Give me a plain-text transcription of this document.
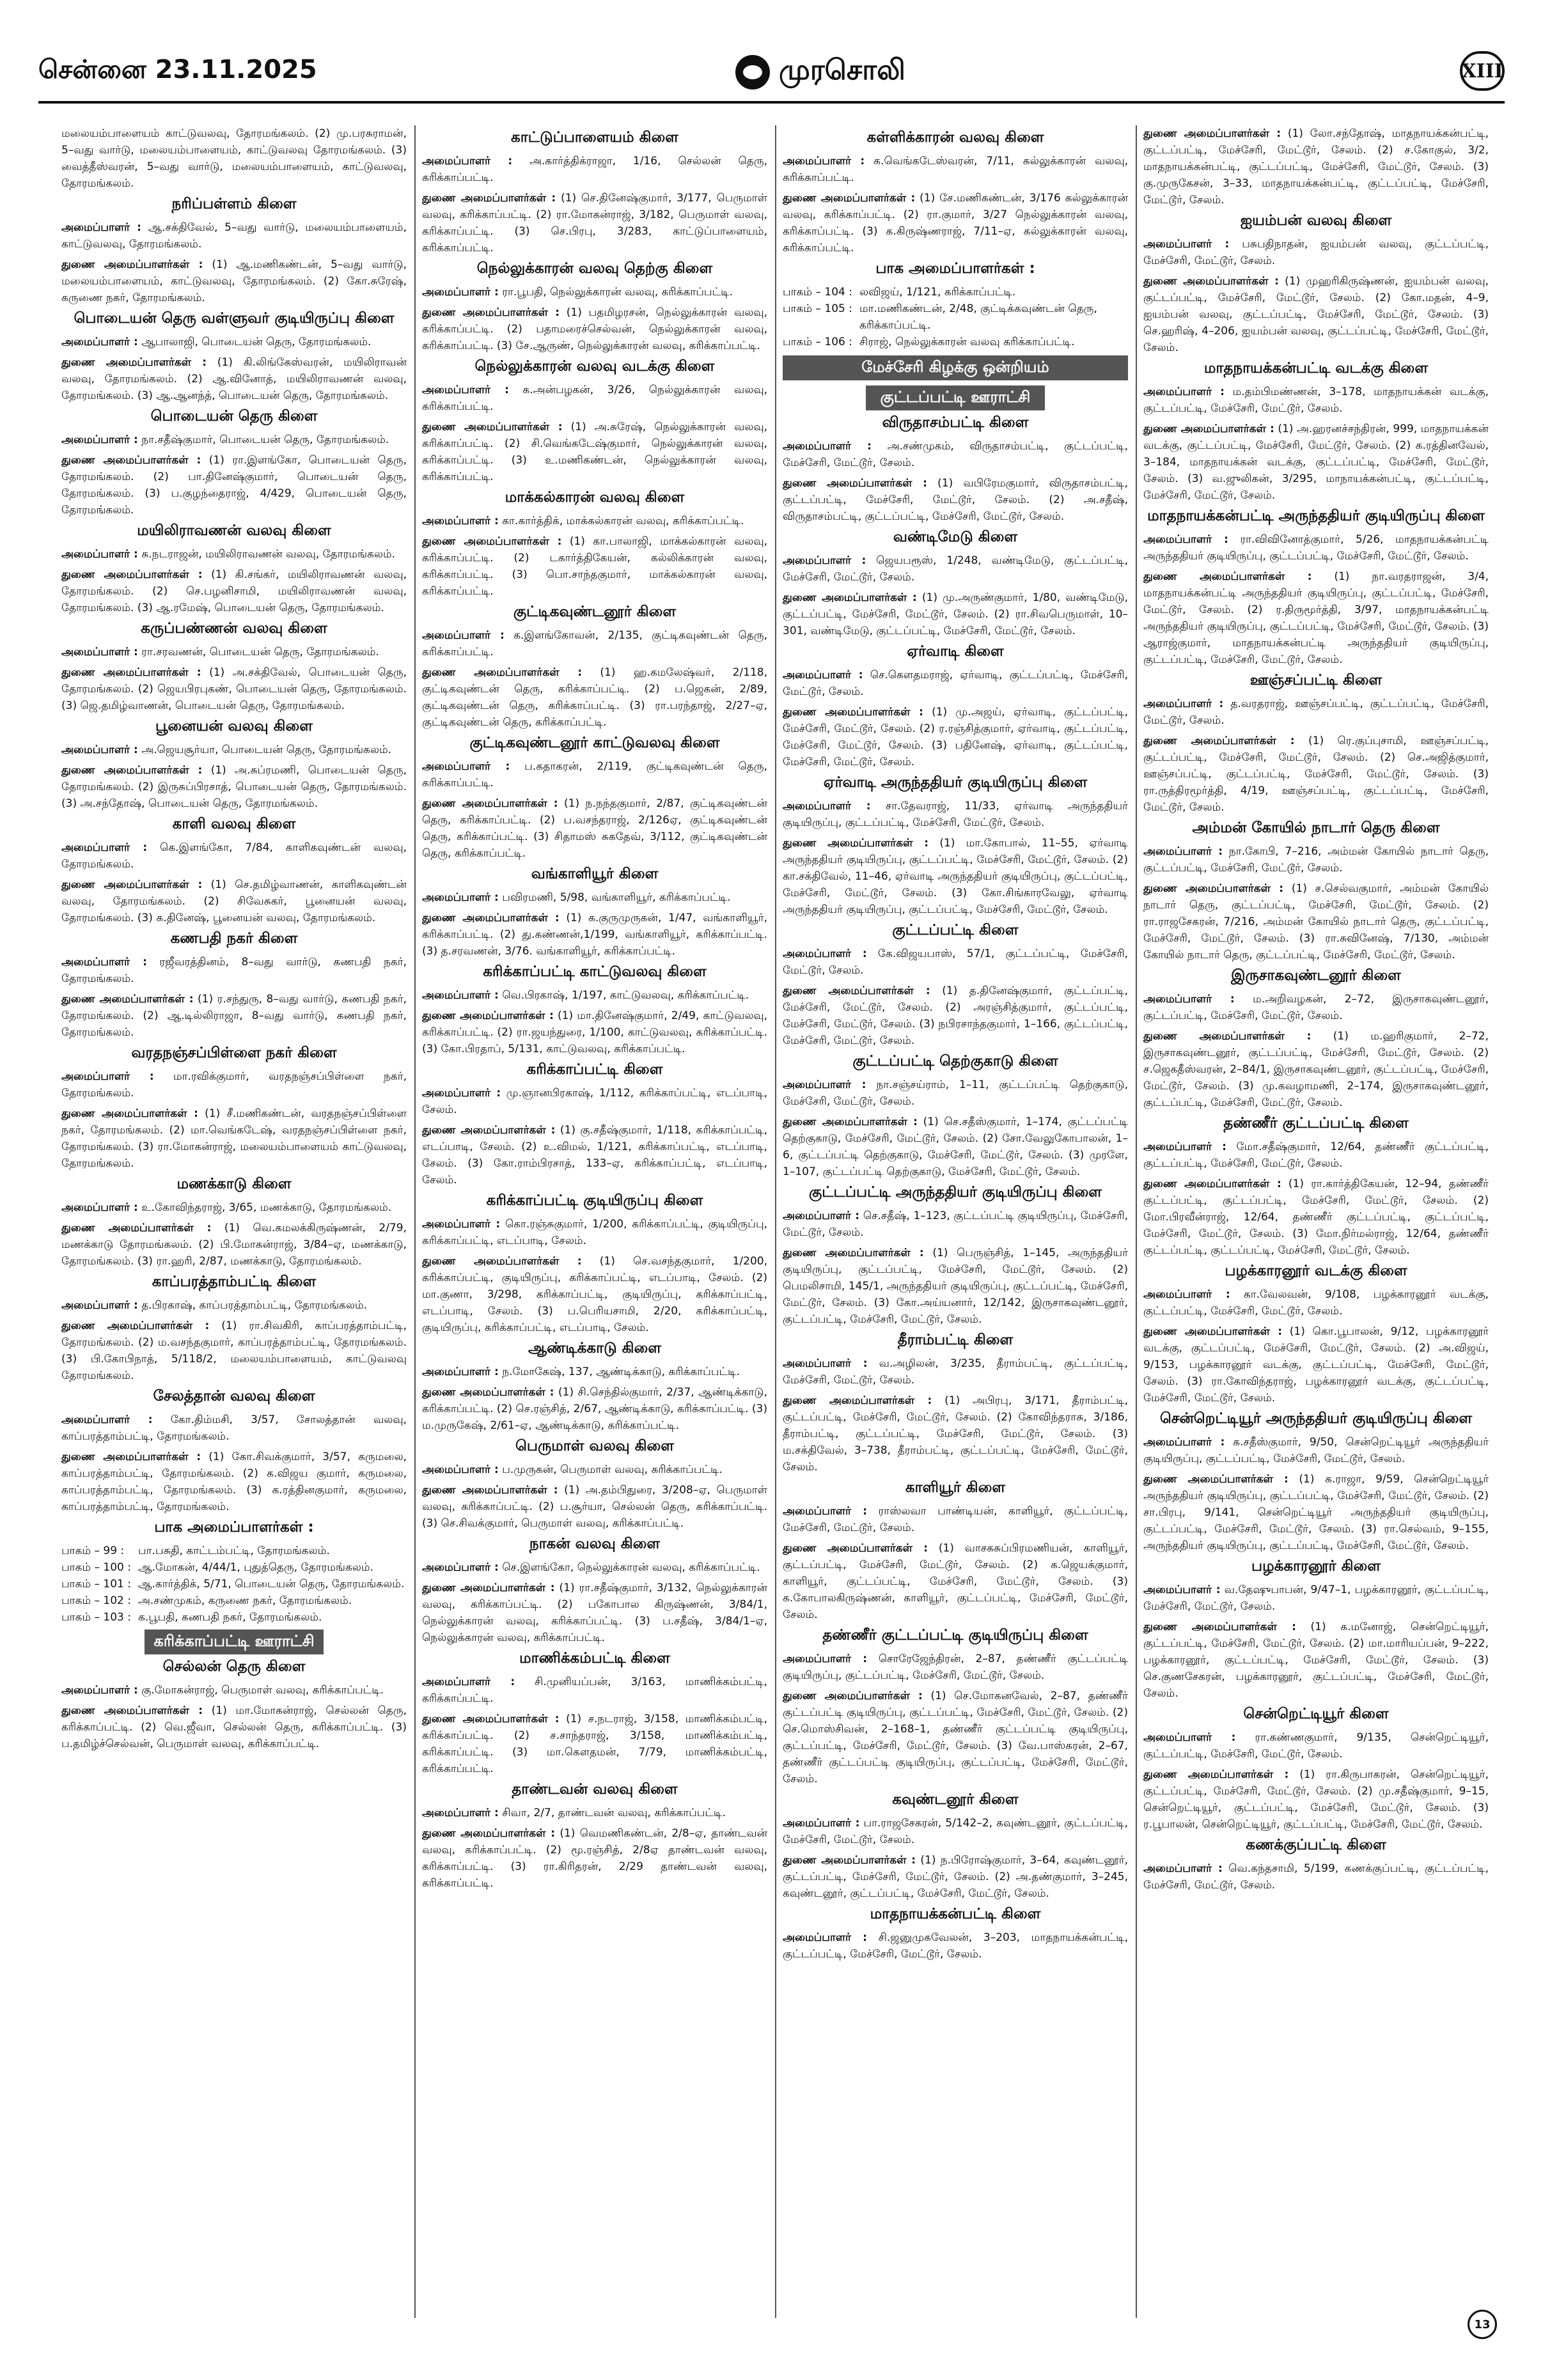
சென்னை 23.11.2025	முரசொலி	XIII
மலையம்பாளையம் காட்டுவலவு, தோரமங்கலம். (2) மு.பரசுராமன், 5–வது வார்டு, மலையம்பாளையம், காட்டுவலவு தோரமங்கலம். (3) வைத்தீஸ்வரன், 5–வது வார்டு, மலையம்பாளையம், காட்டுவலவு, தோரமங்கலம்.
நரிப்பள்ளம் கிளை
அமைப்பாளர் : ஆ.சக்திவேல், 5–வது வார்டு, மலையம்பாளையம், காட்டுவலவு, தோரமங்கலம்.
துணை அமைப்பாளர்கள் : (1) ஆ.மணிகண்டன், 5–வது வார்டு, மலையம்பாளையம், காட்டுவலவு, தோரமங்கலம். (2) கோ.சுரேஷ், கருணை நகர், தோரமங்கலம்.
பொடையன் தெரு வள்ளுவர் குடியிருப்பு கிளை
அமைப்பாளர் : ஆபாலாஜி, பொடையன் தெரு, தோரமங்கலம்.
துணை அமைப்பாளர்கள் : (1) கி.லிங்கேஸ்வரன், மயிலிராவன் வலவு, தோரமங்கலம். (2) ஆ.வினோத், மயிலிராவணன் வலவு, தோரமங்கலம். (3) ஆ.ஆனந்த், பொடையன் தெரு, தோரமங்கலம்.
பொடையன் தெரு கிளை
அமைப்பாளர் : நா.சதீஷ்குமார், பொடையன் தெரு, தோரமங்கலம்.
துணை அமைப்பாளர்கள் : (1) ரா.இளங்கோ, பொடையன் தெரு, தோரமங்கலம். (2) பா.தினேஷ்குமார், பொடையன் தெரு, தோரமங்கலம். (3) ப.குழந்தைராஜ், 4/429, பொடையன் தெரு, தோரமங்கலம்.
மயிலிராவணன் வலவு கிளை
அமைப்பாளர் : சு.நடராஜன், மயிலிராவணன் வலவு, தோரமங்கலம்.
துணை அமைப்பாளர்கள் : (1) கி.சங்கர், மயிலிராவணன் வலவு, தோரமங்கலம். (2) செ.பழனிசாமி, மயிலிராவணன் வலவு, தோரமங்கலம். (3) ஆ.ரமேஷ், பொடையன் தெரு, தோரமங்கலம்.
கருப்பண்ணன் வலவு கிளை
அமைப்பாளர் : ரா.சரவணன், பொடையன் தெரு, தோரமங்கலம்.
துணை அமைப்பாளர்கள் : (1) அ.சக்திவேல், பொடையன் தெரு, தோரமங்கலம். (2) ஜெயபிரபுகண், பொடையன் தெரு, தோரமங்கலம். (3) ஜெ.தமிழ்வாணன், பொடையன் தெரு, தோரமங்கலம்.
பூனையன் வலவு கிளை
அமைப்பாளர் : அ.ஜெயசூர்யா, பொடையன் தெரு, தோரமங்கலம்.
துணை அமைப்பாளர்கள் : (1) அ.சுப்ரமணி, பொடையன் தெரு, தோரமங்கலம். (2) இருசுப்பிரசாத், பொடையன் தெரு, தோரமங்கலம். (3) அ.சந்தோஷ், பொடையன் தெரு, தோரமங்கலம்.
காளி வலவு கிளை
அமைப்பாளர் : கெ.இளங்கோ, 7/84, காளிகவுண்டன் வலவு, தோரமங்கலம்.
துணை அமைப்பாளர்கள் : (1) செ.தமிழ்வாணன், காளிகவுண்டன் வலவு, தோரமங்கலம். (2) சிவேசுகர், பூனையன் வலவு, தோரமங்கலம். (3) க.தினேஷ், பூனையன் வலவு, தோரமங்கலம்.
கணபதி நகர் கிளை
அமைப்பாளர் : ரஜீவரத்தினம், 8–வது வார்டு, கணபதி நகர், தோரமங்கலம்.
துணை அமைப்பாளர்கள் : (1) ர.சந்துரு, 8–வது வார்டு, கணபதி நகர், தோரமங்கலம். (2) ஆ.டில்லிராஜா, 8–வது வார்டு, கணபதி நகர், தோரமங்கலம்.
வரதநஞ்சப்பிள்ளை நகர் கிளை
அமைப்பாளர் : மா.ரவிக்குமார், வரதநஞ்சப்பிள்ளை நகர், தோரமங்கலம்.
துணை அமைப்பாளர்கள் : (1) சீ.மணிகண்டன், வரதநஞ்சப்பிள்ளை நகர், தோரமங்கலம். (2) மா.வெங்கடேஷ், வரதநஞ்சப்பிள்ளை நகர், தோரமங்கலம். (3) ரா.மோகன்ராஜ், மலையம்பாளையம் காட்டுவலவு, தோரமங்கலம்.
மணக்காடு கிளை
அமைப்பாளர் : உ.கோவிந்தராஜ், 3/65, மணக்காடு, தோரமங்கலம்.
துணை அமைப்பாளர்கள் : (1) வெ.கமலக்கிருஷ்ணன், 2/79, மணக்காடு தோரமங்கலம். (2) பி.மோகன்ராஜ், 3/84–ஏ, மணக்காடு, தோரமங்கலம். (3) ரா.ஹரி, 2/87, மணக்காடு, தோரமங்கலம்.
காப்பரத்தாம்பட்டி கிளை
அமைப்பாளர் : த.பிரகாஷ், காப்பரத்தாம்பட்டி, தோரமங்கலம்.
துணை அமைப்பாளர்கள் : (1) ரா.சிவகிரி, காப்பரத்தாம்பட்டி, தோரமங்கலம். (2) ம.வசந்தகுமார், காப்பரத்தாம்பட்டி, தோரமங்கலம். (3) பி.கோபிநாத், 5/118/2, மலையம்பாளையம், காட்டுவலவு தோரமங்கலம்.
சேலத்தான் வலவு கிளை
அமைப்பாளர் : கோ.திம்மசி, 3/57, சோலத்தான் வலவு, காப்பரத்தாம்பட்டி, தோரமங்கலம்.
துணை அமைப்பாளர்கள் : (1) கோ.சிவக்குமார், 3/57, கருமலை, காப்பரத்தாம்பட்டி, தோரமங்கலம். (2) க.விஜய குமார், கருமலை, காப்பரத்தாம்பட்டி, தோரமங்கலம். (3) க.ரத்தினகுமார், கருமலை, காப்பரத்தாம்பட்டி, தோரமங்கலம்.
பாக அமைப்பாளர்கள் :
பாகம் – 99 :	பா.பசுதி, காட்டம்பட்டி, தோரமங்கலம்.
பாகம் – 100 : ஆ.மோகன், 4/44/1, புதுத்தெரு, தோரமங்கலம்.
பாகம் – 101 : ஆ.கார்த்திக், 5/71, பொடையன் தெரு, தோரமங்கலம்.
பாகம் – 102 : அ.சண்முகம், கருணை நகர், தோரமங்கலம்.
பாகம் – 103 : க.பூபதி, கணபதி நகர், தோரமங்கலம்.
கரிக்காப்பட்டி ஊராட்சி
செல்லன் தெரு கிளை
அமைப்பாளர் : கு.மோகன்ராஜ், பெருமாள் வலவு, கரிக்காப்பட்டி.
துணை அமைப்பாளர்கள் : (1) மா.மோகன்ராஜ், செல்லன் தெரு, கரிக்காப்பட்டி. (2) வெ.ஜீவா, செல்லன் தெரு, கரிக்காப்பட்டி. (3) ப.தமிழ்ச்செல்வன், பெருமாள் வலவு, கரிக்காப்பட்டி.
காட்டுப்பாளையம் கிளை
அமைப்பாளர் : அ.கார்த்திக்ராஜா, 1/16, செல்லன் தெரு, கரிக்காப்பட்டி.
துணை அமைப்பாளர்கள் : (1) செ.தினேஷ்குமார், 3/177, பெருமாள் வலவு, கரிக்காப்பட்டி. (2) ரா.மோகன்ராஜ், 3/182, பெருமாள் வலவு, கரிக்காப்பட்டி. (3) செ.பிரபு, 3/283, காட்டுப்பாளையம், கரிக்காப்பட்டி.
நெல்லுக்காரன் வலவு தெற்கு கிளை
அமைப்பாளர் : ரா.பூபதி, நெல்லுக்காரன் வலவு, கரிக்காப்பட்டி.
துணை அமைப்பாளர்கள் : (1) பதமிழரசன், நெல்லுக்காரன் வலவு, கரிக்காப்பட்டி. (2) பதாமரைச்செல்வன், நெல்லுக்காரன் வலவு, கரிக்காப்பட்டி. (3) சே.ஆருண், நெல்லுக்காரன் வலவு, கரிக்காப்பட்டி.
நெல்லுக்காரன் வலவு வடக்கு கிளை
அமைப்பாளர் : க.அன்பழகன், 3/26, நெல்லுக்காரன் வலவு, கரிக்காப்பட்டி.
துணை அமைப்பாளர்கள் : (1) அ.சுரேஷ், நெல்லுக்காரன் வலவு, கரிக்காப்பட்டி. (2) சி.வெங்கடேஷ்குமார், நெல்லுக்காரன் வலவு, கரிக்காப்பட்டி. (3) உ.மணிகண்டன், நெல்லுக்காரன் வலவு, கரிக்காப்பட்டி.
மாக்கல்காரன் வலவு கிளை
அமைப்பாளர் : கா.கார்த்திக், மாக்கல்காரன் வலவு, கரிக்காப்பட்டி.
துணை அமைப்பாளர்கள் : (1) கா.பாலாஜி, மாக்கல்காரன் வலவு, கரிக்காப்பட்டி. (2) டகார்த்திகேயன், கல்லிக்காரன் வலவு, கரிக்காப்பட்டி. (3) பொ.சாந்தகுமார், மாக்கல்காரன் வலவு, கரிக்காப்பட்டி.
குட்டிகவுண்டனூர் கிளை
அமைப்பாளர் : க.இளங்கோவன், 2/135, குட்டிகவுண்டன் தெரு, கரிக்காப்பட்டி.
துணை அமைப்பாளர்கள் : (1) ஹ.கமலேஷ்வர், 2/118, குட்டிகவுண்டன் தெரு, கரிக்காப்பட்டி. (2) ப.ஜெகன், 2/89, குட்டிகவுண்டன் தெரு, கரிக்காப்பட்டி. (3) ரா.பரந்தாஜ், 2/27–ஏ, குட்டிகவுண்டன் தெரு, கரிக்காப்பட்டி.
குட்டிகவுண்டனூர் காட்டுவலவு கிளை
அமைப்பாளர் : ப.கதாகரன், 2/119, குட்டிகவுண்டன் தெரு, கரிக்காப்பட்டி.
துணை அமைப்பாளர்கள் : (1) ந.நந்தகுமார், 2/87, குட்டிகவுண்டன் தெரு, கரிக்காப்பட்டி. (2) ப.வசந்தராஜ், 2/126ஏ, குட்டிகவுண்டன் தெரு, கரிக்காப்பட்டி. (3) சிதாமஸ் சுகதேவ், 3/112, குட்டிகவுண்டன் தெரு, கரிக்காப்பட்டி.
வங்காளியூர் கிளை
அமைப்பாளர் : பவிரமணி, 5/98, வங்காளியூர், கரிக்காப்பட்டி.
துணை அமைப்பாளர்கள் : (1) க.குருமுருகன், 1/47, வங்காளியூர், கரிக்காப்பட்டி. (2) து.கண்ணன்,1/199, வங்காளியூர், கரிக்காப்பட்டி. (3) த.சரவணன், 3/76. வங்காளியூர், கரிக்காப்பட்டி.
கரிக்காப்பட்டி காட்டுவலவு கிளை
அமைப்பாளர் : வெ.பிரகாஷ், 1/197, காட்டுவலவு, கரிக்காப்பட்டி.
துணை அமைப்பாளர்கள் : (1) மா.தினேஷ்குமார், 2/49, காட்டுவலவு, கரிக்காப்பட்டி. (2) ரா.ஜயந்துரை, 1/100, காட்டுவலவு, கரிக்காப்பட்டி. (3) கோ.பிரதாப், 5/131, காட்டுவலவு, கரிக்காப்பட்டி.
கரிக்காப்பட்டி கிளை
அமைப்பாளர் : மு.ஞானபிரகாஷ், 1/112, கரிக்காப்பட்டி, எடப்பாடி, சேலம்.
துணை அமைப்பாளர்கள் : (1) கு.சதீஷ்குமார், 1/118, கரிக்காப்பட்டி, எடப்பாடி, சேலம். (2) உ.விமல், 1/121, கரிக்காப்பட்டி, எடப்பாடி, சேலம். (3) கோ.ராம்பிரசாத், 133–ஏ, கரிக்காப்பட்டி, எடப்பாடி, சேலம்.
கரிக்காப்பட்டி குடியிருப்பு கிளை
அமைப்பாளர் : கொ.ரஞ்சுகுமார், 1/200, கரிக்காப்பட்டி, குடியிருப்பு, கரிக்காப்பட்டி, எடப்பாடி, சேலம்.
துணை அமைப்பாளர்கள் : (1) செ.வசந்தகுமார், 1/200, கரிக்காப்பட்டி, குடியிருப்பு, கரிக்காப்பட்டி, எடப்பாடி, சேலம். (2) மா.குணா, 3/298, கரிக்காப்பட்டி, குடியிருப்பு, கரிக்காப்பட்டி, எடப்பாடி, சேலம். (3) ப.பெரியசாமி, 2/20, கரிக்காப்பட்டி, குடியிருப்பு, கரிக்காப்பட்டி, எடப்பாடி, சேலம்.
ஆண்டிக்காடு கிளை
அமைப்பாளர் : ந.மோகேஷ், 137, ஆண்டிக்காடு, கரிக்காப்பட்டி.
துணை அமைப்பாளர்கள் : (1) சி.செந்தில்குமார், 2/37, ஆண்டிக்காடு, கரிக்காப்பட்டி. (2) செ.ரஞ்சித், 2/67, ஆண்டிக்காடு, கரிக்காப்பட்டி. (3) ம.முருகேஷ், 2/61–ஏ, ஆண்டிக்காடு, கரிக்காப்பட்டி.
பெருமாள் வலவு கிளை
அமைப்பாளர் : ப.முருகன், பெருமாள் வலவு, கரிக்காப்பட்டி.
துணை அமைப்பாளர்கள் : (1) அ.தம்பிதுரை, 3/208–ஏ, பெருமாள் வலவு, கரிக்காப்பட்டி. (2) ப.சூர்யா, செல்லன் தெரு, கரிக்காப்பட்டி. (3) செ.சிவக்குமார், பெருமாள் வலவு, கரிக்காப்பட்டி.
நாகன் வலவு கிளை
அமைப்பாளர் : செ.இளங்கோ, நெல்லுக்காரன் வலவு, கரிக்காப்பட்டி.
துணை அமைப்பாளர்கள் : (1) ரா.சதீஷ்குமார், 3/132, நெல்லுக்காரன் வலவு, கரிக்காப்பட்டி. (2) பகோபால கிருஷ்ணன், 3/84/1, நெல்லுக்காரன் வலவு, கரிக்காப்பட்டி. (3) ப.சதீஷ், 3/84/1–ஏ, நெல்லுக்காரன் வலவு, கரிக்காப்பட்டி.
மாணிக்கம்பட்டி கிளை
அமைப்பாளர் : சி.முனியப்பன், 3/163, மாணிக்கம்பட்டி, கரிக்காப்பட்டி.
துணை அமைப்பாளர்கள் : (1) ச.நடராஜ், 3/158, மாணிக்கம்பட்டி, கரிக்காப்பட்டி. (2) ச.சாந்தராஜ், 3/158, மாணிக்கம்பட்டி, கரிக்காப்பட்டி. (3) மா.கௌதமன், 7/79, மாணிக்கம்பட்டி, கரிக்காப்பட்டி.
தாண்டவன் வலவு கிளை
அமைப்பாளர் : சிவா, 2/7, தாண்டவன் வலவு, கரிக்காப்பட்டி.
துணை அமைப்பாளர்கள் : (1) வெமணிகண்டன், 2/8–ஏ, தாண்டவன் வலவு, கரிக்காப்பட்டி. (2) மூ.ரஞ்சித், 2/8ஏ தாண்டவன் வலவு, கரிக்காப்பட்டி. (3) ரா.கிரிதரன், 2/29 தாண்டவன் வலவு, கரிக்காப்பட்டி.
கள்ளிக்காரன் வலவு கிளை
அமைப்பாளர் : க.வெங்கடேஸ்வரன், 7/11, கல்லுக்காரன் வலவு, கரிக்காப்பட்டி.
துணை அமைப்பாளர்கள் : (1) சே.மணிகண்டன், 3/176 கல்லுக்காரன் வலவு, கரிக்காப்பட்டி. (2) ரா.குமார், 3/27 நெல்லுக்காரன் வலவு, கரிக்காப்பட்டி. (3) க.கிருஷ்ணராஜ், 7/11–ஏ, கல்லுக்காரன் வலவு, கரிக்காப்பட்டி.
பாக அமைப்பாளர்கள் :
பாகம் – 104 : லவிஜய், 1/121, கரிக்காப்பட்டி.
பாகம் – 105 : மா.மணிகண்டன், 2/48, குட்டிக்கவுண்டன் தெரு, கரிக்காப்பட்டி.
பாகம் – 106 : சிராஜ், நெல்லுக்காரன் வலவு கரிக்காப்பட்டி.
மேச்சேரி கிழக்கு ஒன்றியம்
குட்டப்பட்டி ஊராட்சி
விருதாசம்பட்டி கிளை
அமைப்பாளர் : அ.சண்முகம், விருதாசம்பட்டி, குட்டப்பட்டி, மேச்சேரி, மேட்டூர், சேலம்.
துணை அமைப்பாளர்கள் : (1) வபிரேமகுமார், விருதாசம்பட்டி, குட்டப்பட்டி, மேச்சேரி, மேட்டூர், சேலம். (2) அ.சதீஷ், விருதாசம்பட்டி, குட்டப்பட்டி, மேச்சேரி, மேட்டூர், சேலம்.
வண்டிமேடு கிளை
அமைப்பாளர் : ஜெயபரூஸ், 1/248, வண்டிமேடு, குட்டப்பட்டி, மேச்சேரி, மேட்டூர், சேலம்.
துணை அமைப்பாளர்கள் : (1) மு.அருண்குமார், 1/80, வண்டிமேடு, குட்டப்பட்டி, மேச்சேரி, மேட்டூர், சேலம். (2) ரா.சிவபெருமாள், 10–301, வண்டிமேடு, குட்டப்பட்டி, மேச்சேரி, மேட்டூர், சேலம்.
ஏர்வாடி கிளை
அமைப்பாளர் : செ.கௌதமராஜ், ஏர்வாடி, குட்டப்பட்டி, மேச்சேரி, மேட்டூர், சேலம்.
துணை அமைப்பாளர்கள் : (1) மு.அஜய், ஏர்வாடி, குட்டப்பட்டி, மேச்சேரி, மேட்டூர், சேலம். (2) ர.ரஞ்சித்குமார், ஏர்வாடி, குட்டப்பட்டி, மேச்சேரி, மேட்டூர், சேலம். (3) பதினேஷ், ஏர்வாடி, குட்டப்பட்டி, மேச்சேரி, மேட்டூர், சேலம்.
ஏர்வாடி அருந்ததியர் குடியிருப்பு கிளை
அமைப்பாளர் : சா.தேவராஜ், 11/33, ஏர்வாடி அருந்ததியர் குடியிருப்பு, குட்டப்பட்டி, மேச்சேரி, மேட்டூர், சேலம்.
துணை அமைப்பாளர்கள் : (1) மா.கோபால், 11–55, ஏர்வாடி அருந்ததியர் குடியிருப்பு, குட்டப்பட்டி, மேச்சேரி, மேட்டூர், சேலம். (2) கா.சக்திவேல், 11–46, ஏர்வாடி அருந்ததியர் குடியிருப்பு, குட்டப்பட்டி, மேச்சேரி, மேட்டூர், சேலம். (3) கோ.சிங்காரவேலு, ஏர்வாடி அருந்ததியர் குடியிருப்பு, குட்டப்பட்டி, மேச்சேரி, மேட்டூர், சேலம்.
குட்டப்பட்டி கிளை
அமைப்பாளர் : கே.விஜயபாஸ், 57/1, குட்டப்பட்டி, மேச்சேரி, மேட்டூர், சேலம்.
துணை அமைப்பாளர்கள் : (1) த.தினேஷ்குமார், குட்டப்பட்டி, மேச்சேரி, மேட்டூர், சேலம். (2) அரஞ்சித்குமார், குட்டப்பட்டி, மேச்சேரி, மேட்டூர், சேலம். (3) நபிரசாந்தகுமார், 1–166, குட்டப்பட்டி, மேச்சேரி, மேட்டூர், சேலம்.
குட்டப்பட்டி தெற்குகாடு கிளை
அமைப்பாளர் : நா.சஞ்சய்ராம், 1–11, குட்டப்பட்டி தெற்குகாடு, மேச்சேரி, மேட்டூர், சேலம்.
துணை அமைப்பாளர்கள் : (1) செ.சதீஸ்குமார், 1–174, குட்டப்பட்டி தெற்குகாடு, மேச்சேரி, மேட்டூர், சேலம். (2) சோ.வேலுகோபாலன், 1–6, குட்டப்பட்டி தெற்குகாடு, மேச்சேரி, மேட்டூர், சேலம். (3) முரளே, 1–107, குட்டப்பட்டி தெற்குகாடு, மேச்சேரி, மேட்டூர், சேலம்.
குட்டப்பட்டி அருந்ததியர் குடியிருப்பு கிளை
அமைப்பாளர் : செ.சதீஷ், 1–123, குட்டப்பட்டி குடியிருப்பு, மேச்சேரி, மேட்டூர், சேலம்.
துணை அமைப்பாளர்கள் : (1) பெருஞ்சித், 1–145, அருந்ததியர் குடியிருப்பு, குட்டப்பட்டி, மேச்சேரி, மேட்டூர், சேலம். (2) பெமலிசாமி, 145/1, அருந்ததியர் குடியிருப்பு, குட்டப்பட்டி, மேச்சேரி, மேட்டூர், சேலம். (3) கோ.அய்யனார், 12/142, இருசாகவுண்டனூர், குட்டப்பட்டி, மேச்சேரி, மேட்டூர், சேலம்.
தீராம்பட்டி கிளை
அமைப்பாளர் : வ.அழிலன், 3/235, தீராம்பட்டி, குட்டப்பட்டி, மேச்சேரி, மேட்டூர், சேலம்.
துணை அமைப்பாளர்கள் : (1) அபிரபு, 3/171, தீராம்பட்டி, குட்டப்பட்டி, மேச்சேரி, மேட்டூர், சேலம். (2) கோவிந்தராசு, 3/186, தீராம்பட்டி, குட்டப்பட்டி, மேச்சேரி, மேட்டூர், சேலம். (3) ம.சக்திவேல், 3–738, தீராம்பட்டி, குட்டப்பட்டி, மேச்சேரி, மேட்டூர், சேலம்.
காளியூர் கிளை
அமைப்பாளர் : ராஸ்லவா பாண்டியன், காளியூர், குட்டப்பட்டி, மேச்சேரி, மேட்டூர், சேலம்.
துணை அமைப்பாளர்கள் : (1) வாசகசுப்பிரமணியன், காளியூர், குட்டப்பட்டி, மேச்சேரி, மேட்டூர், சேலம். (2) க.ஜெயக்குமார், காளியூர், குட்டப்பட்டி, மேச்சேரி, மேட்டூர், சேலம். (3) க.கோபாலகிருஷ்ணன், காளியூர், குட்டப்பட்டி, மேச்சேரி, மேட்டூர், சேலம்.
தண்ணீர் குட்டப்பட்டி குடியிருப்பு கிளை
அமைப்பாளர் : சொரேஜேந்திரன், 2–87, தண்ணீர் குட்டப்பட்டி குடியிருப்பு, குட்டப்பட்டி, மேச்சேரி, மேட்டூர், சேலம்.
துணை அமைப்பாளர்கள் : (1) செ.மோகனவேல், 2–87, தண்ணீர் குட்டப்பட்டி குடியிருப்பு, குட்டப்பட்டி, மேச்சேரி, மேட்டூர், சேலம். (2) செ.மொஸ்சிவன், 2–168–1, தண்ணீர் குட்டப்பட்டி குடியிருப்பு, குட்டப்பட்டி, மேச்சேரி, மேட்டூர், சேலம். (3) வே.பாஸ்கரன், 2–67, தண்ணீர் குட்டப்பட்டி குடியிருப்பு, குட்டப்பட்டி, மேச்சேரி, மேட்டூர், சேலம்.
கவுண்டனூர் கிளை
அமைப்பாளர் : பா.ராஜசேகரன், 5/142–2, கவுண்டனூர், குட்டப்பட்டி, மேச்சேரி, மேட்டூர், சேலம்.
துணை அமைப்பாளர்கள் : (1) ந.பிரோஷ்குமார், 3–64, கவுண்டனூர், குட்டப்பட்டி, மேச்சேரி, மேட்டூர், சேலம். (2) அ.தண்குமார், 3–245, கவுண்டனூர், குட்டப்பட்டி, மேச்சேரி, மேட்டூர், சேலம்.
மாதநாயக்கன்பட்டி கிளை
அமைப்பாளர் : சி.ஜனுமுகவேலன், 3–203, மாதநாயக்கன்பட்டி, குட்டப்பட்டி, மேச்சேரி, மேட்டூர், சேலம்.
துணை அமைப்பாளர்கள் : (1) லோ.சந்தோஷ், மாதநாயக்கன்பட்டி, குட்டப்பட்டி, மேச்சேரி, மேட்டூர், சேலம். (2) ச.கோகுல், 3/2, மாதநாயக்கன்பட்டி, குட்டப்பட்டி, மேச்சேரி, மேட்டூர், சேலம். (3) கு.முருகேசன், 3–33, மாதநாயக்கன்பட்டி, குட்டப்பட்டி, மேச்சேரி, மேட்டூர், சேலம்.
ஐயம்பன் வலவு கிளை
அமைப்பாளர் : பசுபதிநாதன், ஐயம்பன் வலவு, குட்டப்பட்டி, மேச்சேரி, மேட்டூர், சேலம்.
துணை அமைப்பாளர்கள் : (1) முஹரிகிருஷ்ணன், ஐயம்பன் வலவு, குட்டப்பட்டி, மேச்சேரி, மேட்டூர், சேலம். (2) கோ.மதன், 4–9, ஐயம்பன் வலவு, குட்டப்பட்டி, மேச்சேரி, மேட்டூர், சேலம். (3) செ.ஹரிஷ், 4–206, ஐயம்பன் வலவு, குட்டப்பட்டி, மேச்சேரி, மேட்டூர், சேலம்.
மாதநாயக்கன்பட்டி வடக்கு கிளை
அமைப்பாளர் : ம.தம்பிமண்ணன், 3–178, மாதநாயக்கன் வடக்கு, குட்டப்பட்டி, மேச்சேரி, மேட்டூர், சேலம்.
துணை அமைப்பாளர்கள் : (1) அ.ஹரனச்சந்திரன், 999, மாதநாயக்கன் வடக்கு, குட்டப்பட்டி, மேச்சேரி, மேட்டூர், சேலம். (2) க.ரத்தினவேல், 3–184, மாதநாயக்கன் வடக்கு, குட்டப்பட்டி, மேச்சேரி, மேட்டூர், சேலம். (3) வ.ஜுலிகன், 3/295, மாநாயக்கன்பட்டி, குட்டப்பட்டி, மேச்சேரி, மேட்டூர், சேலம்.
மாதநாயக்கன்பட்டி அருந்ததியர் குடியிருப்பு கிளை
அமைப்பாளர் : ரா.விவினோத்குமார், 5/26, மாதநாயக்கன்பட்டி அருந்ததியர் குடியிருப்பு, குட்டப்பட்டி, மேச்சேரி, மேட்டூர், சேலம்.
துணை அமைப்பாளர்கள் : (1) நா.வரதராஜன், 3/4, மாதநாயக்கன்பட்டி அருந்ததியர் குடியிருப்பு, குட்டப்பட்டி, மேச்சேரி, மேட்டூர், சேலம். (2) ர.திருமூர்த்தி, 3/97, மாதநாயக்கன்பட்டி அருந்ததியர் குடியிருப்பு, குட்டப்பட்டி, மேச்சேரி, மேட்டூர், சேலம். (3) ஆராஜ்குமார், மாதநாயக்கன்பட்டி அருந்ததியர் குடியிருப்பு, குட்டப்பட்டி, மேச்சேரி, மேட்டூர், சேலம்.
ஊஞ்சப்பட்டி கிளை
அமைப்பாளர் : த.வரதராஜ், ஊஞ்சப்பட்டி, குட்டப்பட்டி, மேச்சேரி, மேட்டூர், சேலம்.
துணை அமைப்பாளர்கள் : (1) ரெ.குப்புசாமி, ஊஞ்சப்பட்டி, குட்டப்பட்டி, மேச்சேரி, மேட்டூர், சேலம். (2) செ.அஜித்குமார், ஊஞ்சப்பட்டி, குட்டப்பட்டி, மேச்சேரி, மேட்டூர், சேலம். (3) ரா.ருத்திரமூர்த்தி, 4/19, ஊஞ்சப்பட்டி, குட்டப்பட்டி, மேச்சேரி, மேட்டூர், சேலம்.
அம்மன் கோயில் நாடார் தெரு கிளை
அமைப்பாளர் : நா.கோபி, 7–216, அம்மன் கோயில் நாடார் தெரு, குட்டப்பட்டி, மேச்சேரி, மேட்டூர், சேலம்.
துணை அமைப்பாளர்கள் : (1) ச.செல்வகுமார், அம்மன் கோயில் நாடார் தெரு, குட்டப்பட்டி, மேச்சேரி, மேட்டூர், சேலம். (2) ரா.ராஜசேகரன், 7/216, அம்மன் கோயில் நாடார் தெரு, குட்டப்பட்டி, மேச்சேரி, மேட்டூர், சேலம். (3) ரா.சுவினேஷ், 7/130, அம்மன் கோயில் நாடார் தெரு, குட்டப்பட்டி, மேச்சேரி, மேட்டூர், சேலம்.
இருசாகவுண்டனூர் கிளை
அமைப்பாளர் : ம.அறிவழகன், 2–72, இருசாகவுண்டனூர், குட்டப்பட்டி, மேச்சேரி, மேட்டூர், சேலம்.
துணை அமைப்பாளர்கள் : (1) ம.ஹரிகுமார், 2–72, இருசாகவுண்டனூர், குட்டப்பட்டி, மேச்சேரி, மேட்டூர், சேலம். (2) ச.ஜெகதீஸ்வரன், 2–84/1, இருசாகவுண்டனூர், குட்டப்பட்டி, மேச்சேரி, மேட்டூர், சேலம். (3) மு.கவழாமணி, 2–174, இருசாகவுண்டனூர், குட்டப்பட்டி, மேச்சேரி, மேட்டூர், சேலம்.
தண்ணீர் குட்டப்பட்டி கிளை
அமைப்பாளர் : மோ.சதீஷ்குமார், 12/64, தண்ணீர் குட்டப்பட்டி, குட்டப்பட்டி, மேச்சேரி, மேட்டூர், சேலம்.
துணை அமைப்பாளர்கள் : (1) ரா.கார்த்திகேயன், 12–94, தண்ணீர் குட்டப்பட்டி, குட்டப்பட்டி, மேச்சேரி, மேட்டூர், சேலம். (2) மோ.பிரவீன்ராஜ், 12/64, தண்ணீர் குட்டப்பட்டி, குட்டப்பட்டி, மேச்சேரி, மேட்டூர், சேலம். (3) மோ.நிர்மல்ராஜ், 12/64, தண்ணீர் குட்டப்பட்டி, குட்டப்பட்டி, மேச்சேரி, மேட்டூர், சேலம்.
பழக்காரனூர் வடக்கு கிளை
அமைப்பாளர் : கா.வேலவன், 9/108, பழக்காரனூர் வடக்கு, குட்டப்பட்டி, மேச்சேரி, மேட்டூர், சேலம்.
துணை அமைப்பாளர்கள் : (1) கொ.பூபாலன், 9/12, பழக்காரனூர் வடக்கு, குட்டப்பட்டி, மேச்சேரி, மேட்டூர், சேலம். (2) அ.விஜய், 9/153, பழக்காரனூர் வடக்கு, குட்டப்பட்டி, மேச்சேரி, மேட்டூர், சேலம். (3) ரா.கோவிந்தராஜ், பழக்காரனூர் வடக்கு, குட்டப்பட்டி, மேச்சேரி, மேட்டூர், சேலம்.
சென்றெட்டியூர் அருந்ததியர் குடியிருப்பு கிளை
அமைப்பாளர் : க.சதீஸ்குமார், 9/50, சென்றெட்டியூர் அருந்ததியர் குடியிருப்பு, குட்டப்பட்டி, மேச்சேரி, மேட்டூர், சேலம்.
துணை அமைப்பாளர்கள் : (1) க.ராஜா, 9/59, சென்றெட்டியூர் அருந்ததியர் குடியிருப்பு, குட்டப்பட்டி, மேச்சேரி, மேட்டூர், சேலம். (2) சா.பிரபு, 9/141, சென்றெட்டியூர் அருந்ததியர் குடியிருப்பு, குட்டப்பட்டி, மேச்சேரி, மேட்டூர், சேலம். (3) ரா.செல்வம், 9–155, அருந்ததியர் குடியிருப்பு, குட்டப்பட்டி, மேச்சேரி, மேட்டூர், சேலம்.
பழக்காரனூர் கிளை
அமைப்பாளர் : வ.தேஷுபாபன், 9/47–1, பழக்காரனூர், குட்டப்பட்டி, மேச்சேரி, மேட்டூர், சேலம்.
துணை அமைப்பாளர்கள் : (1) க.மனோஜ், சென்றெட்டியூர், குட்டப்பட்டி, மேச்சேரி, மேட்டூர், சேலம். (2) மா.மாரியப்பன், 9–222, பழக்காரனூர், குட்டப்பட்டி, மேச்சேரி, மேட்டூர், சேலம். (3) செ.குணசேகரன், பழக்காரனூர், குட்டப்பட்டி, மேச்சேரி, மேட்டூர், சேலம்.
சென்றெட்டியூர் கிளை
அமைப்பாளர் : ரா.கண்ணகுமார், 9/135, சென்றெட்டியூர், குட்டப்பட்டி, மேச்சேரி, மேட்டூர், சேலம்.
துணை அமைப்பாளர்கள் : (1) ரா.கிருபாகரன், சென்றெட்டியூர், குட்டப்பட்டி, மேச்சேரி, மேட்டூர், சேலம். (2) மு.சதீஷ்குமார், 9–15, சென்றெட்டியூர், குட்டப்பட்டி, மேச்சேரி, மேட்டூர், சேலம். (3) ர.பூபாலன், சென்றெட்டியூர், குட்டப்பட்டி, மேச்சேரி, மேட்டூர், சேலம்.
கணக்குப்பட்டி கிளை
அமைப்பாளர் : வெ.கந்தசாமி, 5/199, கணக்குப்பட்டி, குட்டப்பட்டி, மேச்சேரி, மேட்டூர், சேலம்.
13
